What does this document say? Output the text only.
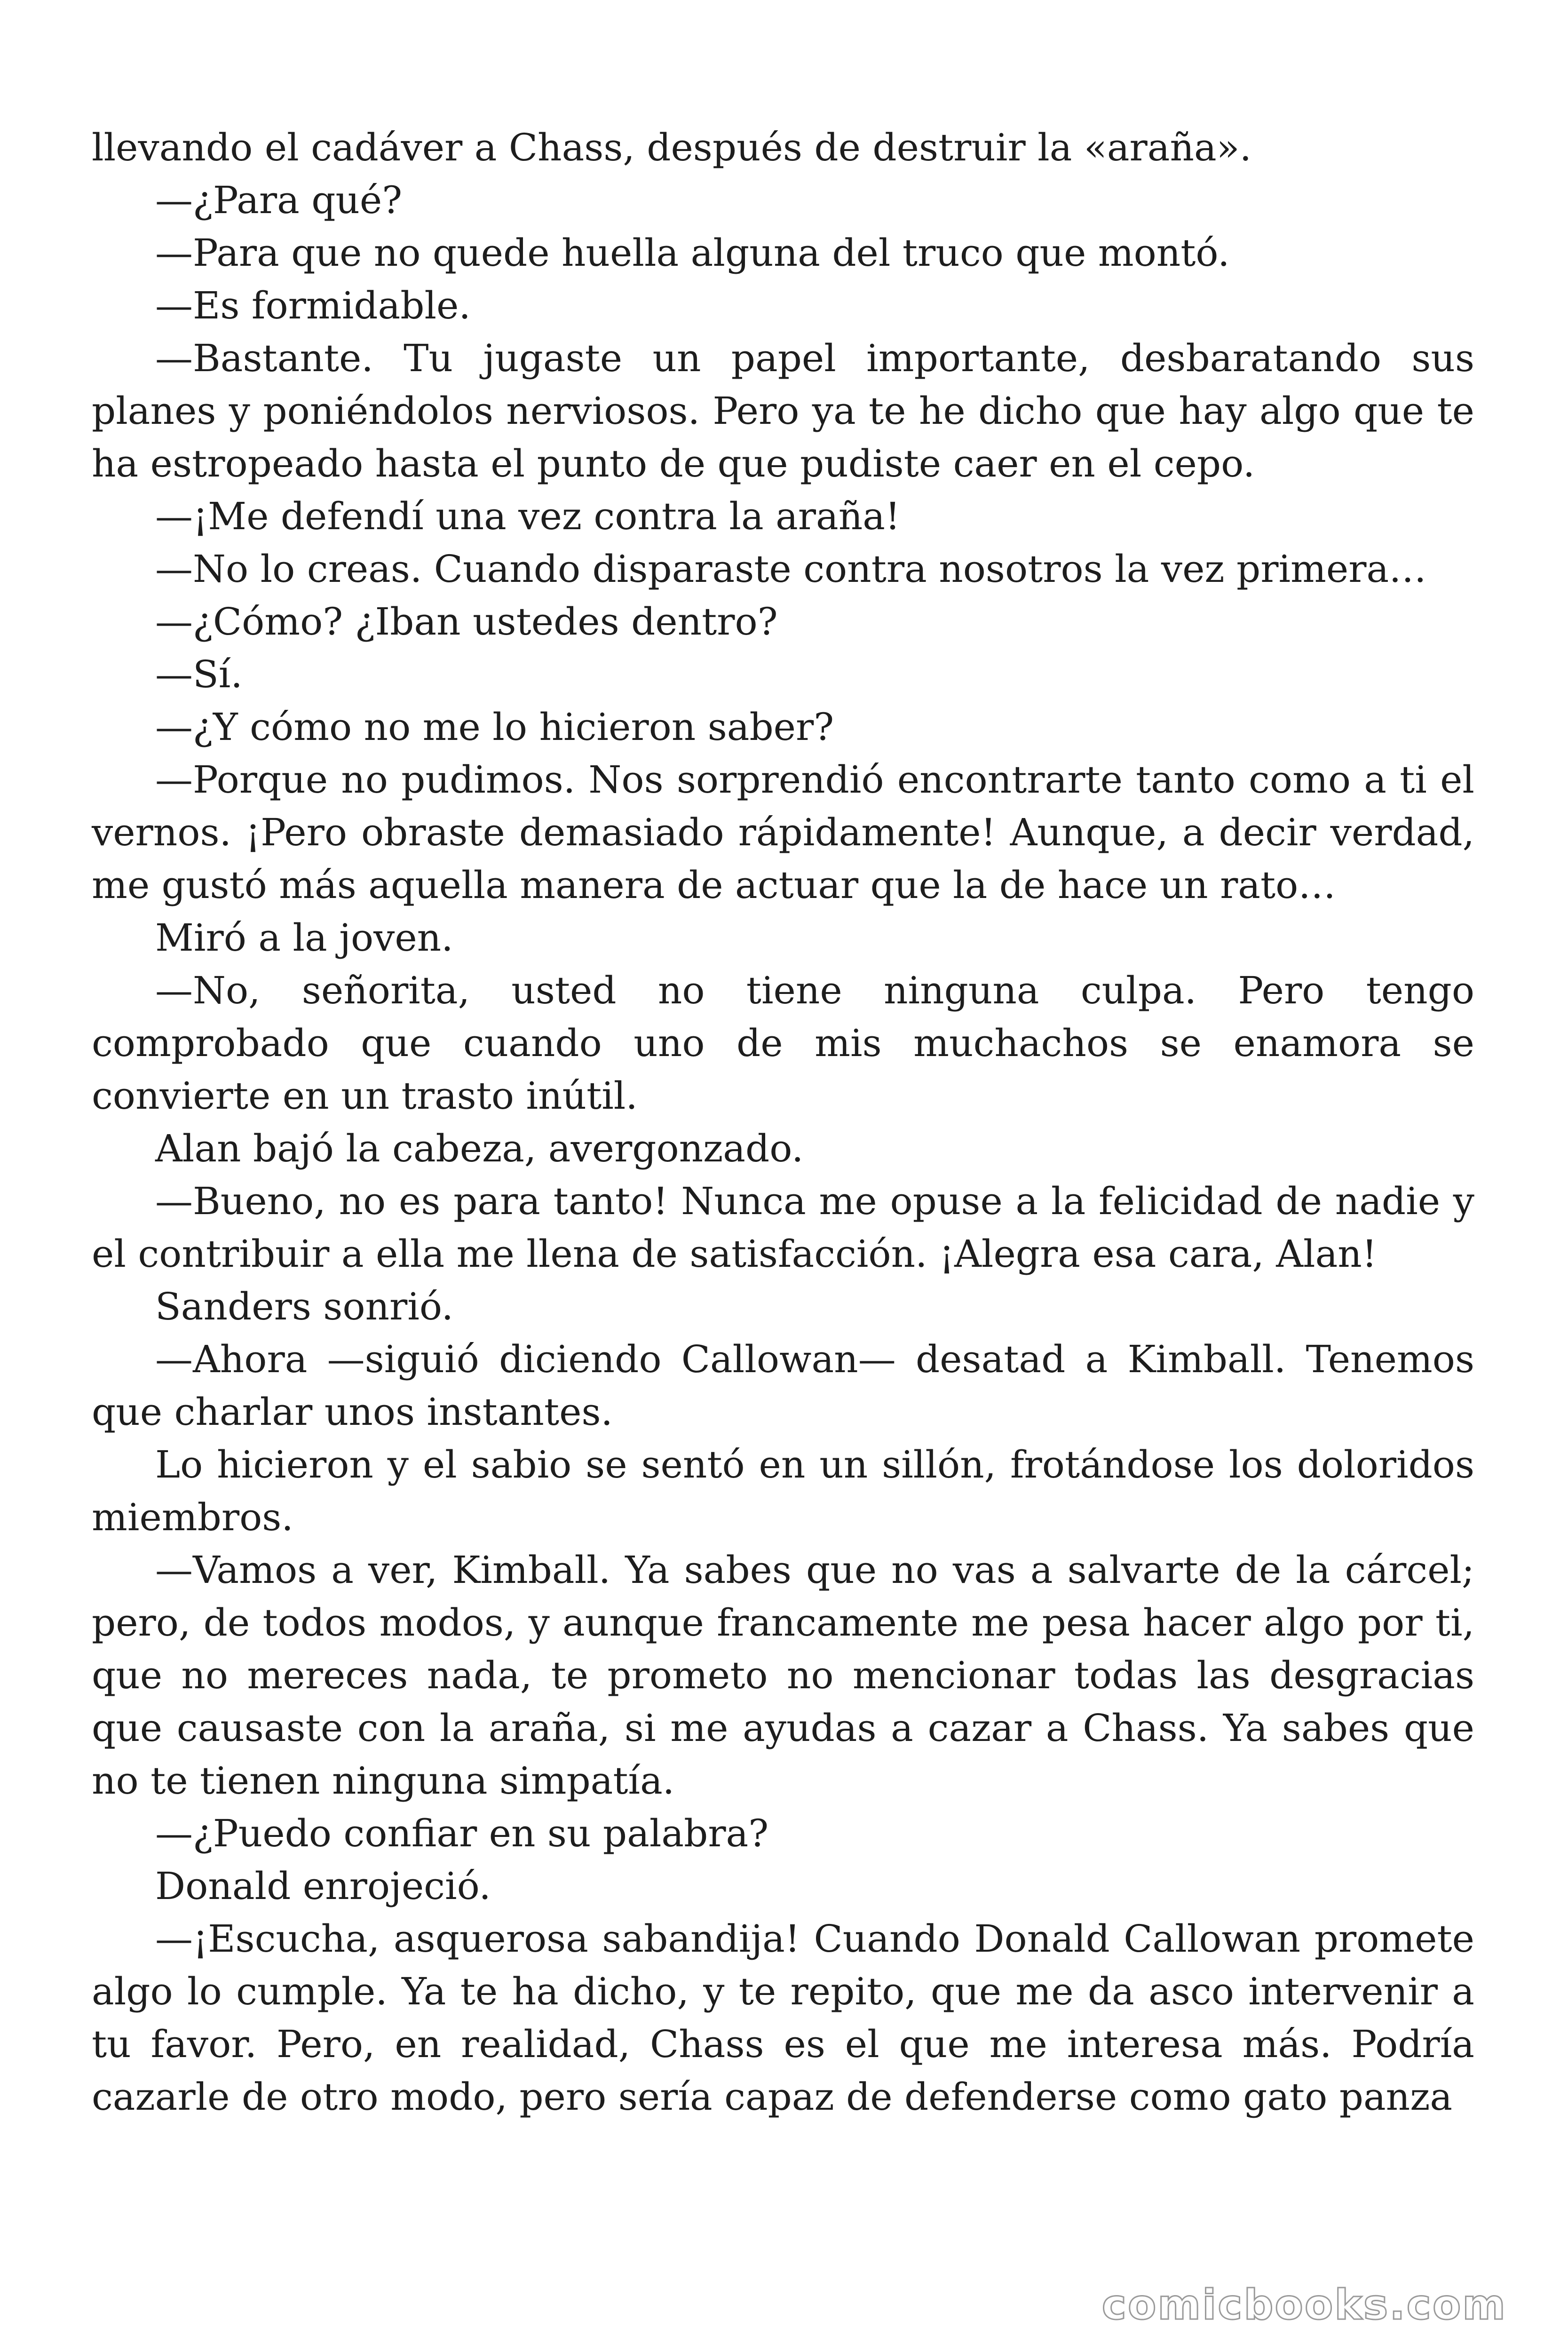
llevando el cadáver a Chass, después de destruir la «araña».

—¿Para qué?

—Para que no quede huella alguna del truco que montó.

—Es formidable.

—Bastante. Tu jugaste un papel importante, desbaratando sus planes y poniéndolos nerviosos. Pero ya te he dicho que hay algo que te ha estropeado hasta el punto de que pudiste caer en el cepo.

—¡Me defendí una vez contra la araña!

—No lo creas. Cuando disparaste contra nosotros la vez primera…

—¿Cómo? ¿Iban ustedes dentro?

—Sí.

—¿Y cómo no me lo hicieron saber?

—Porque no pudimos. Nos sorprendió encontrarte tanto como a ti el vernos. ¡Pero obraste demasiado rápidamente! Aunque, a decir verdad, me gustó más aquella manera de actuar que la de hace un rato…

Miró a la joven.

—No, señorita, usted no tiene ninguna culpa. Pero tengo comprobado que cuando uno de mis muchachos se enamora se convierte en un trasto inútil.

Alan bajó la cabeza, avergonzado.

—Bueno, no es para tanto! Nunca me opuse a la felicidad de nadie y el contribuir a ella me llena de satisfacción. ¡Alegra esa cara, Alan!

Sanders sonrió.

—Ahora —siguió diciendo Callowan— desatad a Kimball. Tenemos que charlar unos instantes.

Lo hicieron y el sabio se sentó en un sillón, frotándose los doloridos miembros.

—Vamos a ver, Kimball. Ya sabes que no vas a salvarte de la cárcel; pero, de todos modos, y aunque francamente me pesa hacer algo por ti, que no mereces nada, te prometo no mencionar todas las desgracias que causaste con la araña, si me ayudas a cazar a Chass. Ya sabes que no te tienen ninguna simpatía.

—¿Puedo confiar en su palabra?

Donald enrojeció.

—¡Escucha, asquerosa sabandija! Cuando Donald Callowan promete algo lo cumple. Ya te ha dicho, y te repito, que me da asco intervenir a tu favor. Pero, en realidad, Chass es el que me interesa más. Podría cazarle de otro modo, pero sería capaz de defenderse como gato panza

comicbooks.com
